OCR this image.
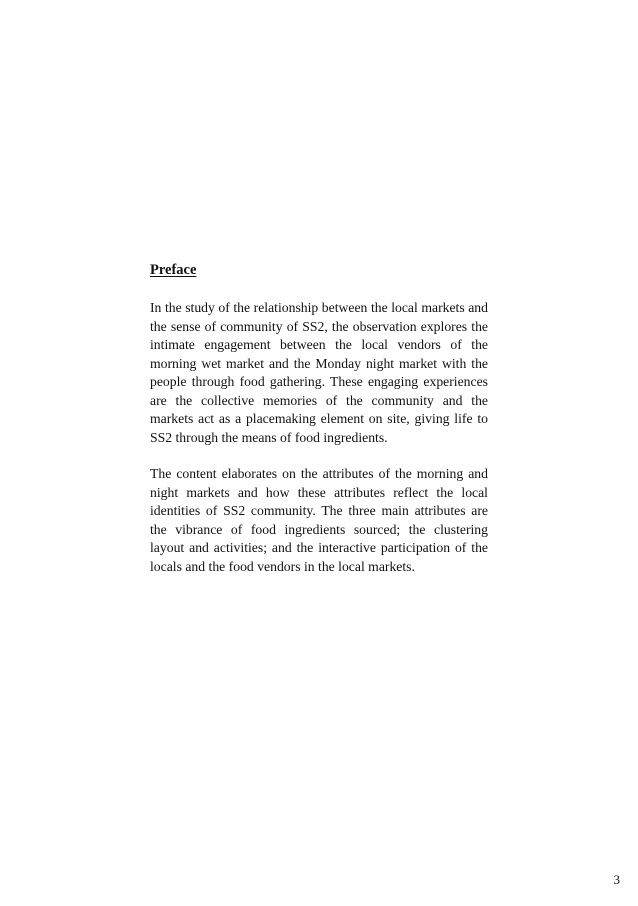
Preface

In the study of the relationship between the local markets and the sense of community of SS2, the observation explores the intimate engagement between the local vendors of the morning wet market and the Monday night market with the people through food gathering. These engaging experiences are the collective memories of the community and the markets act as a placemaking element on site, giving life to SS2 through the means of food ingredients.

The content elaborates on the attributes of the morning and night markets and how these attributes reflect the local identities of SS2 community. The three main attributes are the vibrance of food ingredients sourced; the clustering layout and activities; and the interactive participation of the locals and the food vendors in the local markets.

3
